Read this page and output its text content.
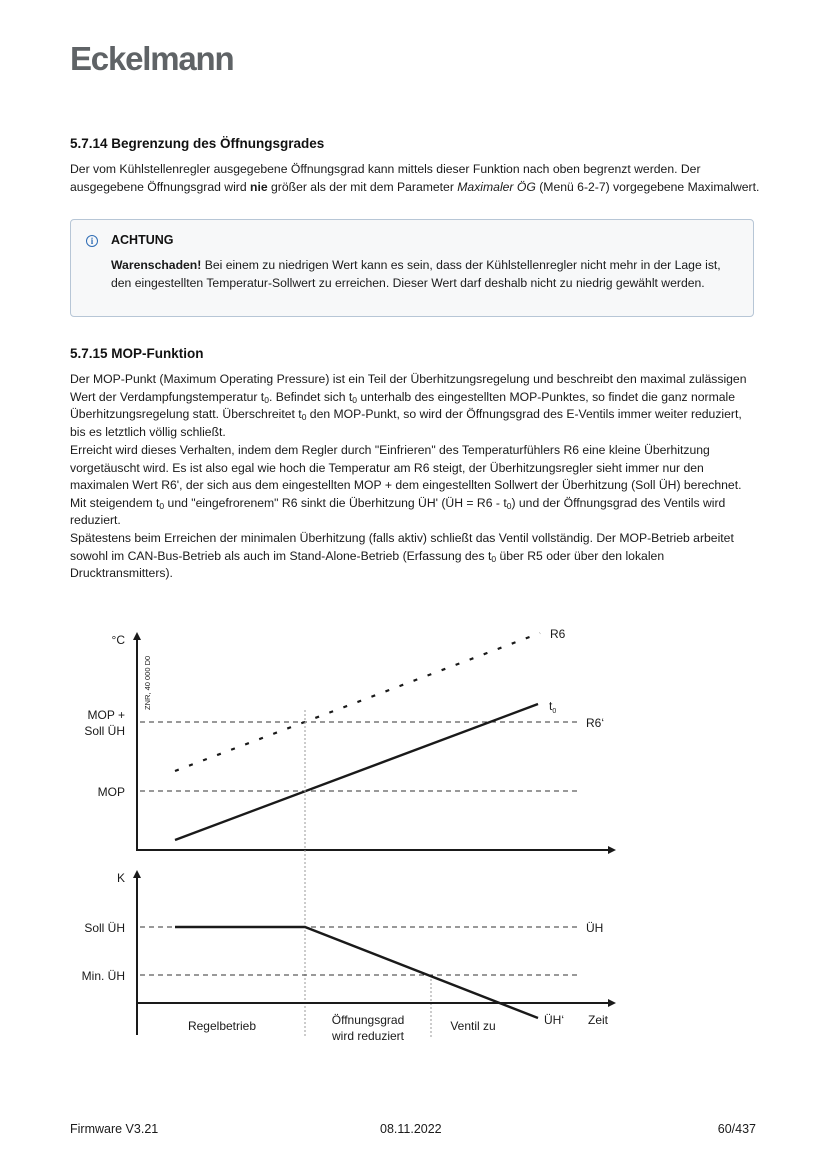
Eckelmann
5.7.14 Begrenzung des Öffnungsgrades
Der vom Kühlstellenregler ausgegebene Öffnungsgrad kann mittels dieser Funktion nach oben begrenzt werden. Der ausgegebene Öffnungsgrad wird nie größer als der mit dem Parameter Maximaler ÖG (Menü 6-2-7) vorgegebene Maximalwert.
i	ACHTUNG
Warenschaden! Bei einem zu niedrigen Wert kann es sein, dass der Kühlstellenregler nicht mehr in der Lage ist, den eingestellten Temperatur-Sollwert zu erreichen. Dieser Wert darf deshalb nicht zu niedrig gewählt werden.
5.7.15 MOP-Funktion
Der MOP-Punkt (Maximum Operating Pressure) ist ein Teil der Überhitzungsregelung und beschreibt den maximal zulässigen Wert der Verdampfungstemperatur $t_0$. Befindet sich $t_0$ unterhalb des eingestellten MOP-Punktes, so findet die ganz normale Überhitzungsregelung statt. Überschreitet $t_0$ den MOP-Punkt, so wird der Öffnungsgrad des E-Ventils immer weiter reduziert, bis es letztlich völlig schließt.
Erreicht wird dieses Verhalten, indem dem Regler durch "Einfrieren" des Temperaturfühlers R6 eine kleine Überhitzung vorgetäuscht wird. Es ist also egal wie hoch die Temperatur am R6 steigt, der Überhitzungsregler sieht immer nur den maximalen Wert R6', der sich aus dem eingestellten MOP + dem eingestellten Sollwert der Überhitzung (Soll ÜH) berechnet. Mit steigendem $t_0$ und "eingefrorenem" R6 sinkt die Überhitzung ÜH' (ÜH = $R6 - t_0$) und der Öffnungsgrad des Ventils wird reduziert.
Spätestens beim Erreichen der minimalen Überhitzung (falls aktiv) schließt das Ventil vollständig. Der MOP-Betrieb arbeitet sowohl im CAN-Bus-Betrieb als auch im Stand-Alone-Betrieb (Erfassung des $t_0$ über R5 oder über den lokalen Drucktransmitters).
°C
ZNR, 40 000 D0
MOP +
Soll ÜH
MOP
R6
$t_0$
R6‘
K
Soll ÜH
Min. ÜH
ÜH
ÜH‘ Zeit
Regelbetrieb	Öffnungsgrad
wird reduziert
Ventil zu
Firmware V3.21	08.11.2022	60/437
